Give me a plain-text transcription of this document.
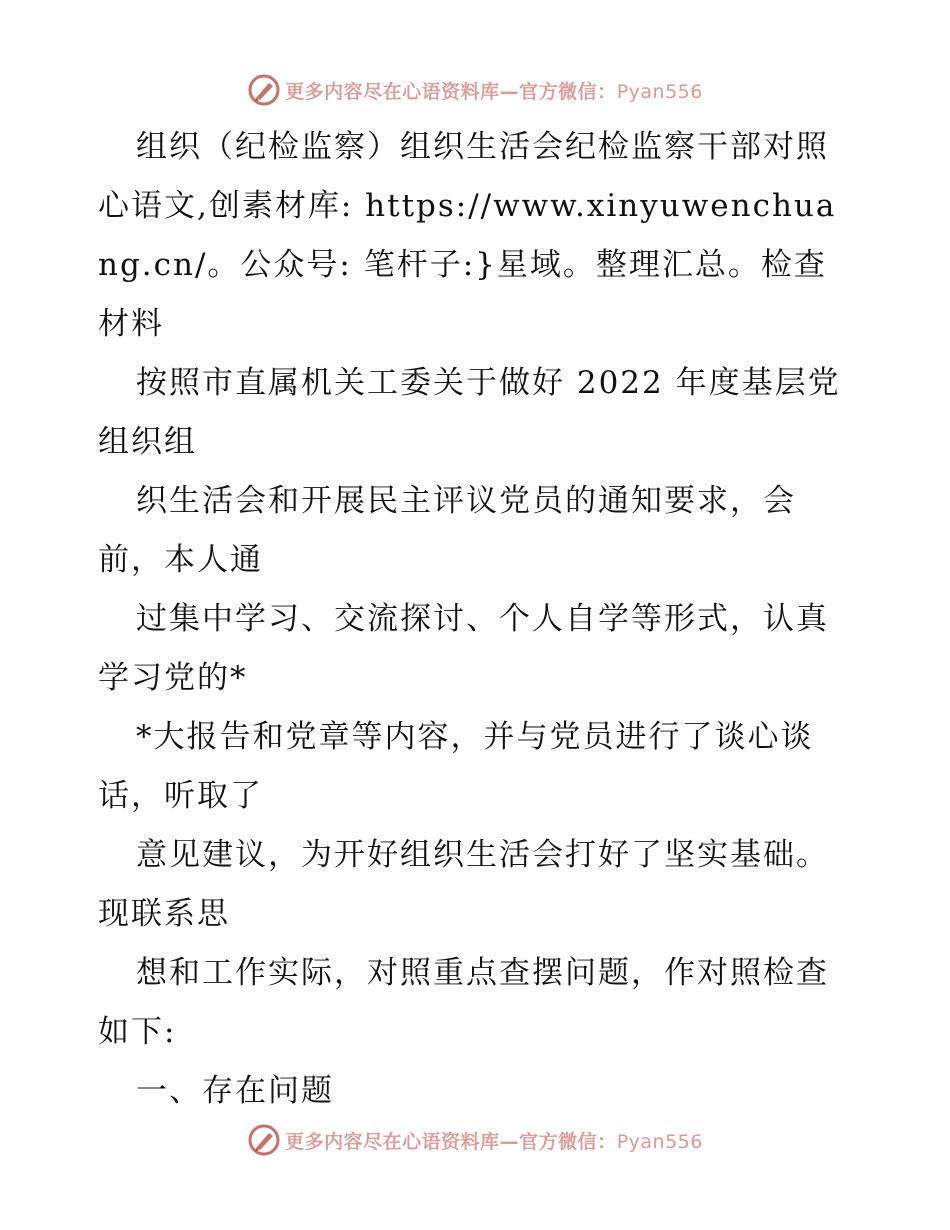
更多内容尽在心语资料库—官方微信：Pyan556

组织（纪检监察）组织生活会纪检监察干部对照心语文,创素材库: https://www.xinyuwenchuang.cn/。公众号: 笔杆子:}星域。整理汇总。检查材料

按照市直属机关工委关于做好 2022 年度基层党组织组

织生活会和开展民主评议党员的通知要求，会前，本人通

过集中学习、交流探讨、个人自学等形式，认真学习党的*

*大报告和党章等内容，并与党员进行了谈心谈话，听取了

意见建议，为开好组织生活会打好了坚实基础。现联系思

想和工作实际，对照重点查摆问题，作对照检查如下:

一、存在问题

更多内容尽在心语资料库—官方微信：Pyan556
